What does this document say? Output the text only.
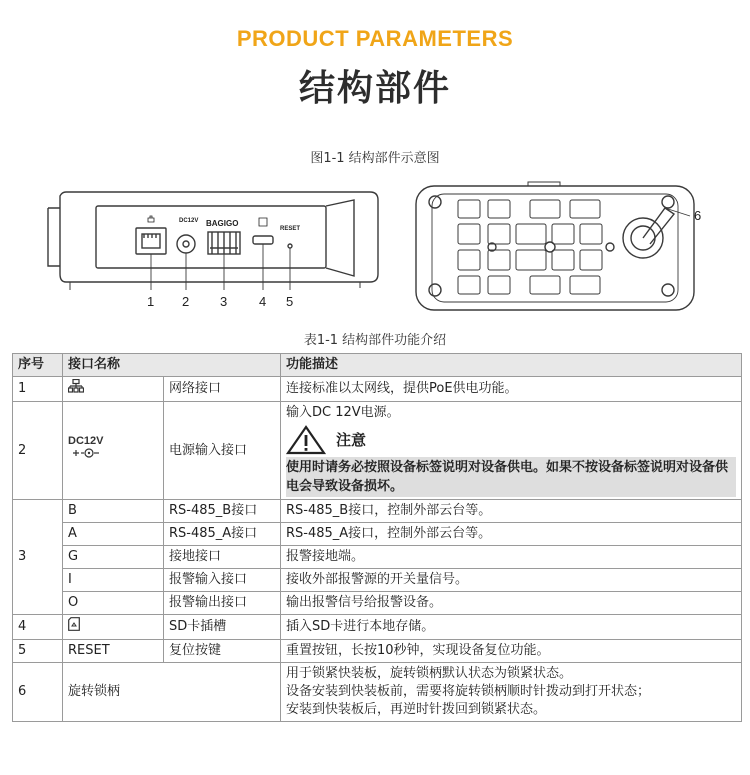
PRODUCT PARAMETERS
结构部件
图1-1 结构部件示意图
DC12V BAGIGO
RESET
1 2 3 4 5
6
表1-1 结构部件功能介绍
序号	接口名称		功能描述
1		网络接口	连接标准以太网线，提供PoE供电功能。
2	DC12V	电源输入接口	输入DC 12V电源。
注意
使用时请务必按照设备标签说明对设备供电。如果不按设备标签说明对设备供电会导致设备损坏。

3	B	RS-485_B接口	RS-485_B接口，控制外部云台等。
	A	RS-485_A接口	RS-485_A接口，控制外部云台等。
	G	接地接口	报警接地端。
	I	报警输入接口	接收外部报警源的开关量信号。
	O	报警输出接口	输出报警信号给报警设备。
4		SD卡插槽	插入SD卡进行本地存储。
5	RESET	复位按键	重置按钮，长按10秒钟，实现设备复位功能。
6	旋转锁柄		用于锁紧快装板，旋转锁柄默认状态为锁紧状态。
设备安装到快装板前，需要将旋转锁柄顺时针拨动到打开状态；
安装到快装板后，再逆时针拨回到锁紧状态。
